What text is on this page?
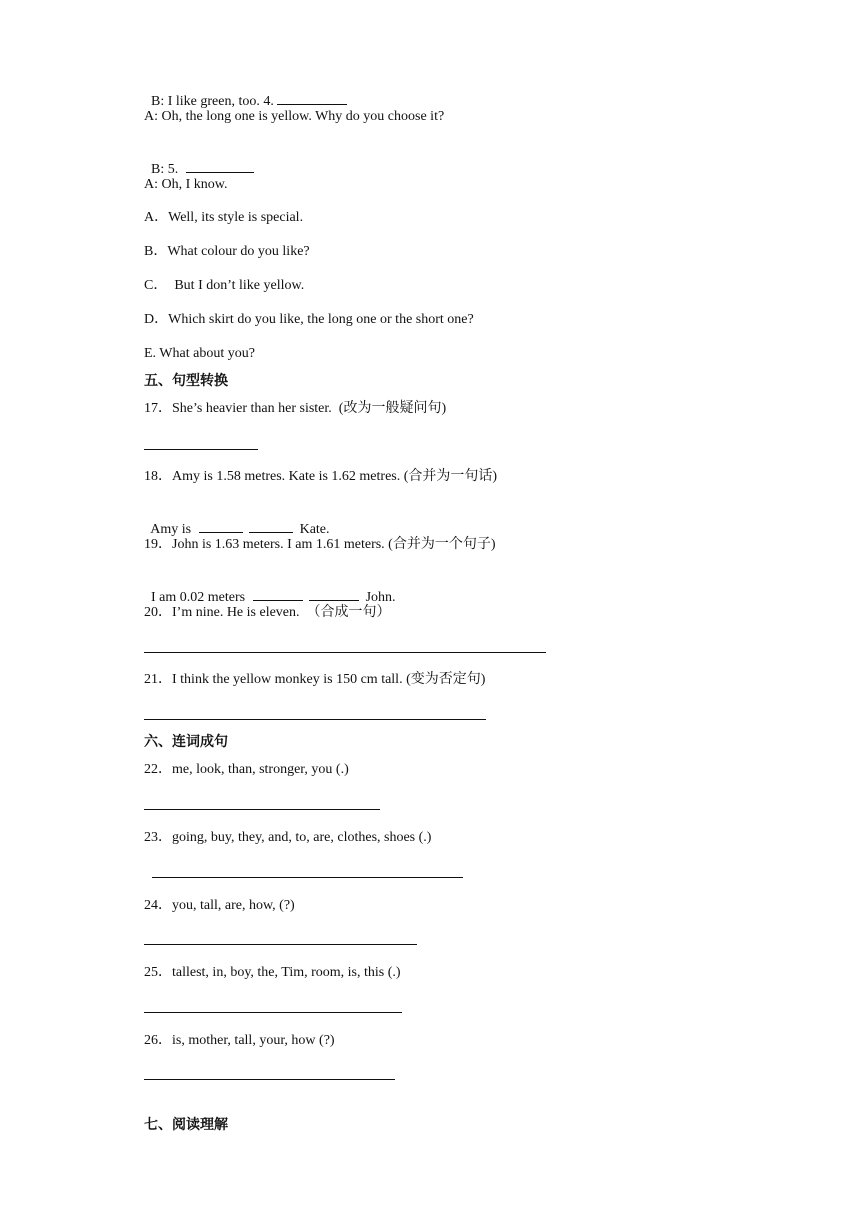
B: I like green, too. 4.

A: Oh, the long one is yellow. Why do you choose it?

B: 5.

A: Oh, I know.
A．Well, its style is special.
B．What colour do you like?
C．  But I don’t like yellow.
D．Which skirt do you like, the long one or the short one?
E. What about you?
五、句型转换
17．She’s heavier than her sister.  (改为一般疑问句)
18．Amy is 1.58 metres. Kate is 1.62 metres. (合并为一句话)

Amy is	Kate.

19．John is 1.63 meters. I am 1.61 meters. (合并为一个句子)

I am 0.02 meters	John.

20．I’m nine. He is eleven.  （合成一句）
21．I think the yellow monkey is 150 cm tall. (变为否定句)
六、连词成句
22．me, look, than, stronger, you (.)
23．going, buy, they, and, to, are, clothes, shoes (.)
24．you, tall, are, how, (?)
25．tallest, in, boy, the, Tim, room, is, this (.)
26．is, mother, tall, your, how (?)
七、阅读理解
